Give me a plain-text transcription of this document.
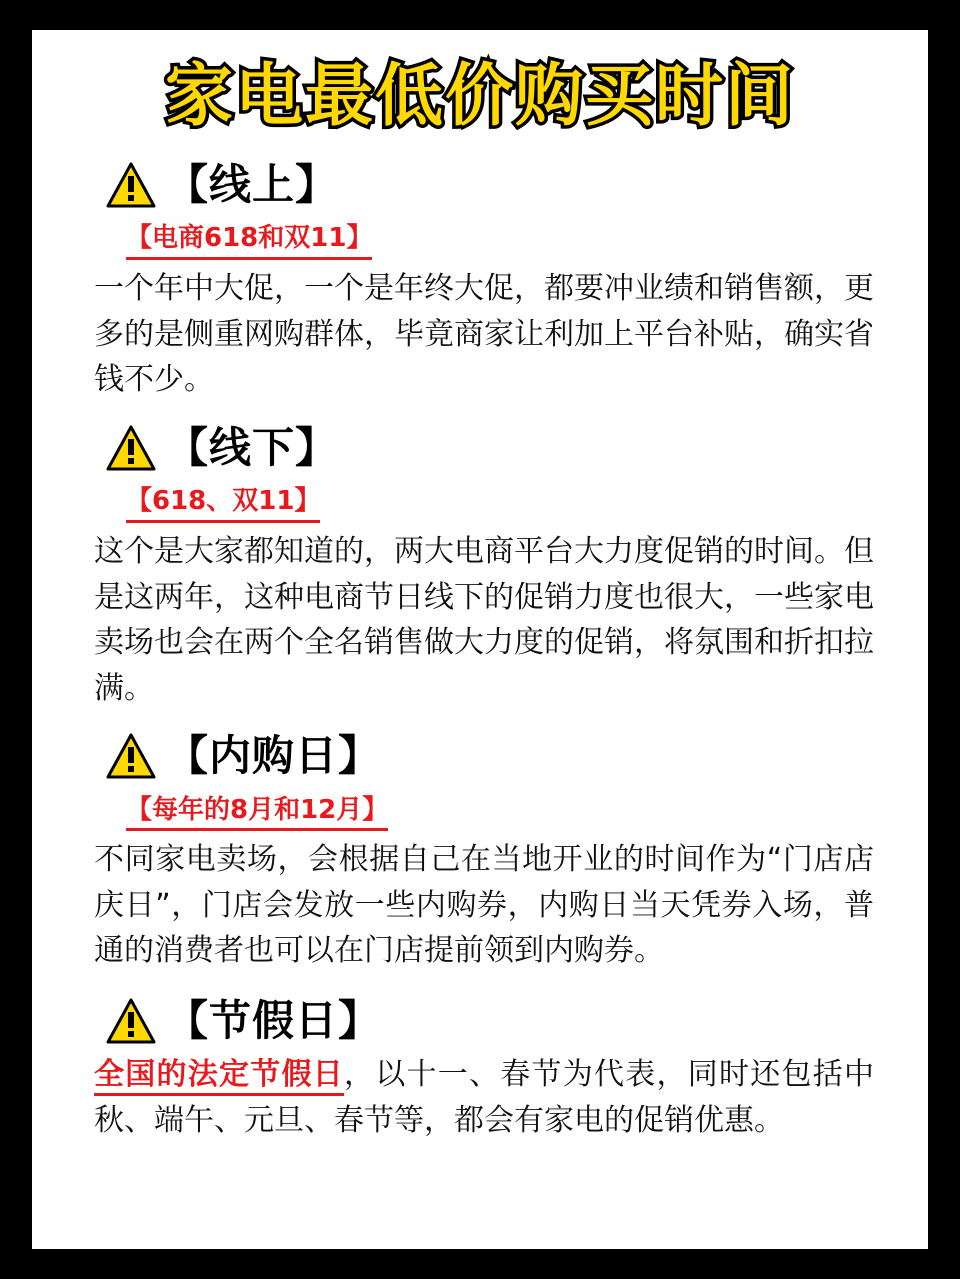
家电最低价购买时间
【线上】
【电商618和双11】
一个年中大促，一个是年终大促，都要冲业绩和销售额，更多的是侧重网购群体，毕竟商家让利加上平台补贴，确实省钱不少。
【线下】
【618、双11】
这个是大家都知道的，两大电商平台大力度促销的时间。但是这两年，这种电商节日线下的促销力度也很大，一些家电卖场也会在两个全名销售做大力度的促销，将氛围和折扣拉满。
【内购日】
【每年的8月和12月】
不同家电卖场，会根据自己在当地开业的时间作为“门店店庆日”，门店会发放一些内购券，内购日当天凭券入场，普通的消费者也可以在门店提前领到内购券。
【节假日】
全国的法定节假日，以十一、春节为代表，同时还包括中秋、端午、元旦、春节等，都会有家电的促销优惠。
